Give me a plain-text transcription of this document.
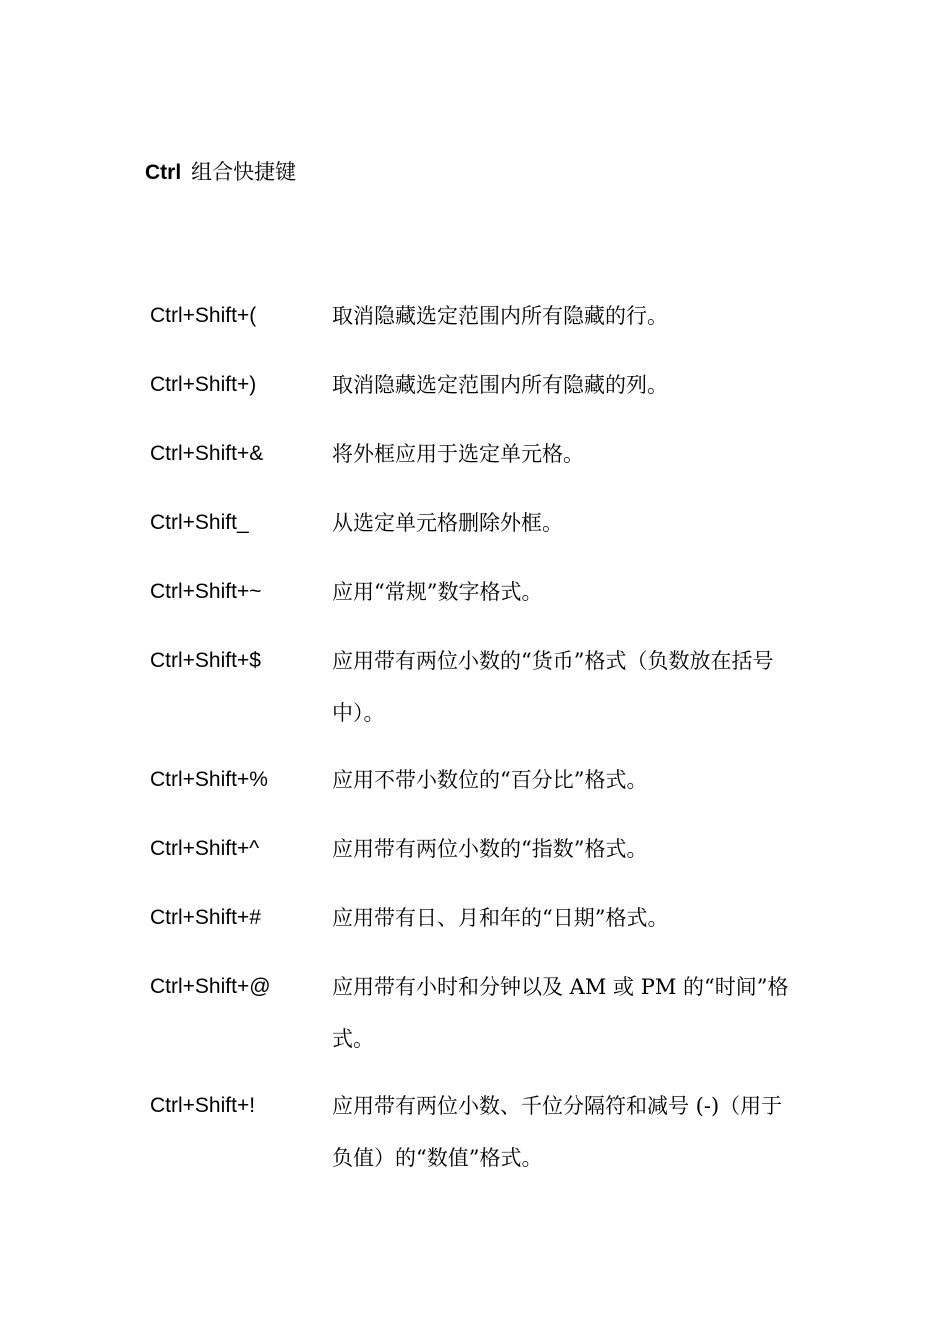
Ctrl 组合快捷键
Ctrl+Shift+(	取消隐藏选定范围内所有隐藏的行。
Ctrl+Shift+)	取消隐藏选定范围内所有隐藏的列。
Ctrl+Shift+&	将外框应用于选定单元格。
Ctrl+Shift_	从选定单元格删除外框。
Ctrl+Shift+~	应用“常规”数字格式。
Ctrl+Shift+$	应用带有两位小数的“货币”格式（负数放在括号中）。
Ctrl+Shift+%	应用不带小数位的“百分比”格式。
Ctrl+Shift+^	应用带有两位小数的“指数”格式。
Ctrl+Shift+#	应用带有日、月和年的“日期”格式。
Ctrl+Shift+@	应用带有小时和分钟以及 AM 或 PM 的“时间”格式。
Ctrl+Shift+!	应用带有两位小数、千位分隔符和减号 (-)（用于负值）的“数值”格式。
